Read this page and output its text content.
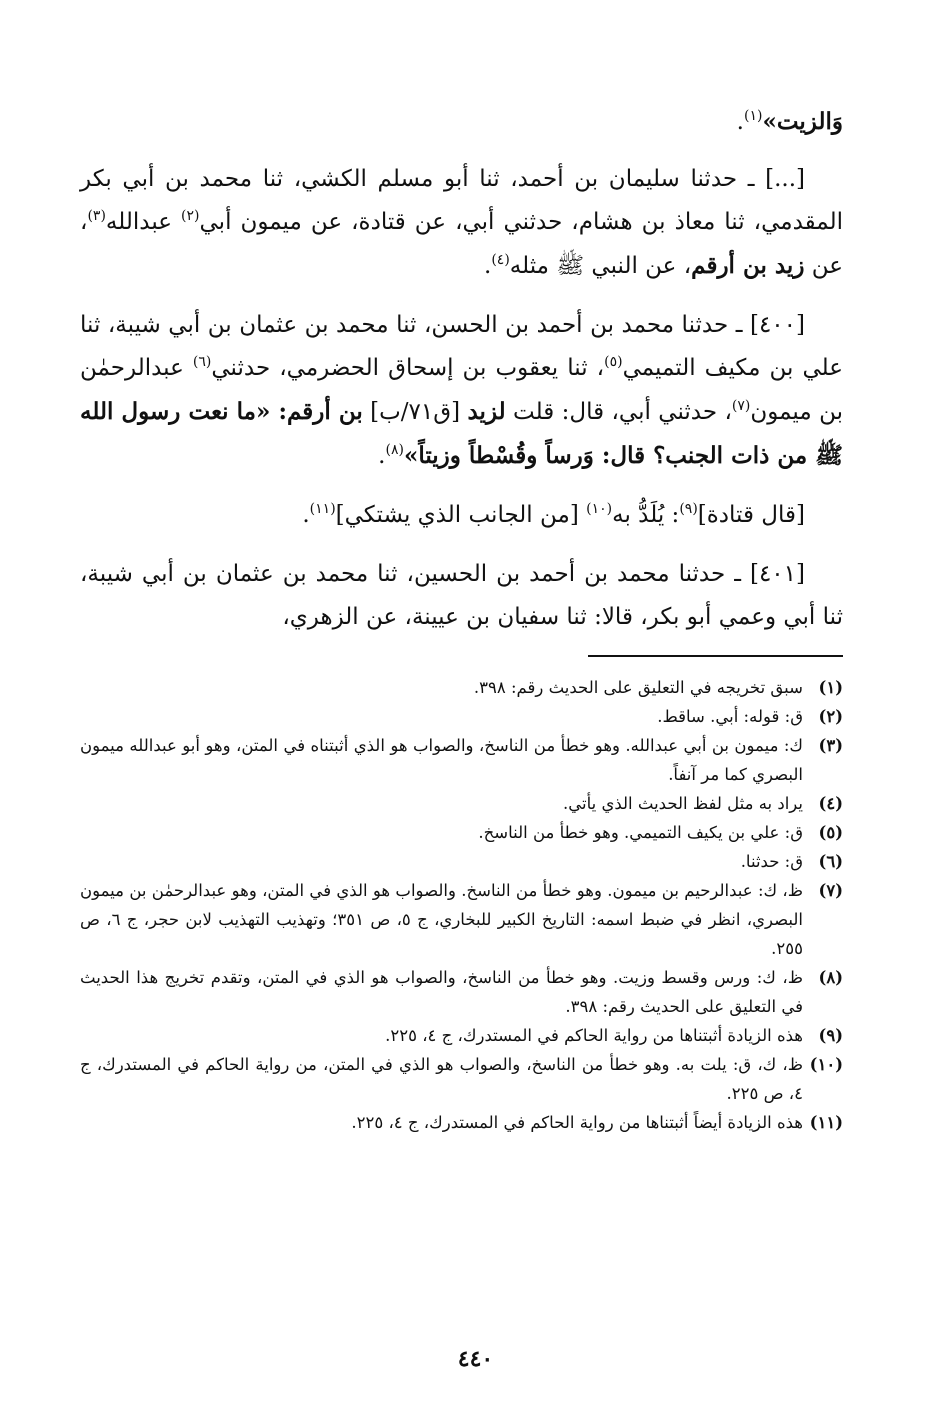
وَالزيت»$^{(١)}$.

[...] ـ حدثنا سليمان بن أحمد، ثنا أبو مسلم الكشي، ثنا محمد بن أبي بكر المقدمي، ثنا معاذ بن هشام، حدثني أبي، عن قتادة، عن ميمون أبي$^{(٢)}$ عبدالله$^{(٣)}$، عن زيد بن أرقم، عن النبي ﷺ مثله$^{(٤)}$.

[٤٠٠] ـ حدثنا محمد بن أحمد بن الحسن، ثنا محمد بن عثمان بن أبي شيبة، ثنا علي بن مكيف التميمي$^{(٥)}$، ثنا يعقوب بن إسحاق الحضرمي، حدثني$^{(٦)}$ عبدالرحمٰن بن ميمون$^{(٧)}$، حدثني أبي، قال: قلت لزيد [ق٧١/ب] بن أرقم: «ما نعت رسول الله ﷺ من ذات الجنب؟ قال: وَرساً وقُسْطاً وزيتاً»$^{(٨)}$.

[قال قتادة]$^{(٩)}$: يُلَدُّ به$^{(١٠)}$ [من الجانب الذي يشتكي]$^{(١١)}$.

[٤٠١] ـ حدثنا محمد بن أحمد بن الحسين، ثنا محمد بن عثمان بن أبي شيبة، ثنا أبي وعمي أبو بكر، قالا: ثنا سفيان بن عيينة، عن الزهري،

(١)
سبق تخريجه في التعليق على الحديث رقم: ٣٩٨.
(٢)
ق: قوله: أبي. ساقط.
(٣)
ك: ميمون بن أبي عبدالله. وهو خطأ من الناسخ، والصواب هو الذي أثبتناه في المتن، وهو أبو عبدالله ميمون البصري كما مر آنفاً.
(٤)
يراد به مثل لفظ الحديث الذي يأتي.
(٥)
ق: علي بن يكيف التميمي. وهو خطأ من الناسخ.
(٦)
ق: حدثنا.
(٧)
ظ، ك: عبدالرحيم بن ميمون. وهو خطأ من الناسخ. والصواب هو الذي في المتن، وهو عبدالرحمٰن بن ميمون البصري، انظر في ضبط اسمه: التاريخ الكبير للبخاري، ج ٥، ص ٣٥١؛ وتهذيب التهذيب لابن حجر، ج ٦، ص ٢٥٥.
(٨)
ظ، ك: ورس وقسط وزيت. وهو خطأ من الناسخ، والصواب هو الذي في المتن، وتقدم تخريج هذا الحديث في التعليق على الحديث رقم: ٣٩٨.
(٩)
هذه الزيادة أثبتناها من رواية الحاكم في المستدرك، ج ٤، ٢٢٥.
(١٠)
ظ، ك، ق: يلت به. وهو خطأ من الناسخ، والصواب هو الذي في المتن، من رواية الحاكم في المستدرك، ج ٤، ص ٢٢٥.
(١١)
هذه الزيادة أيضاً أثبتناها من رواية الحاكم في المستدرك، ج ٤، ٢٢٥.
٤٤٠
